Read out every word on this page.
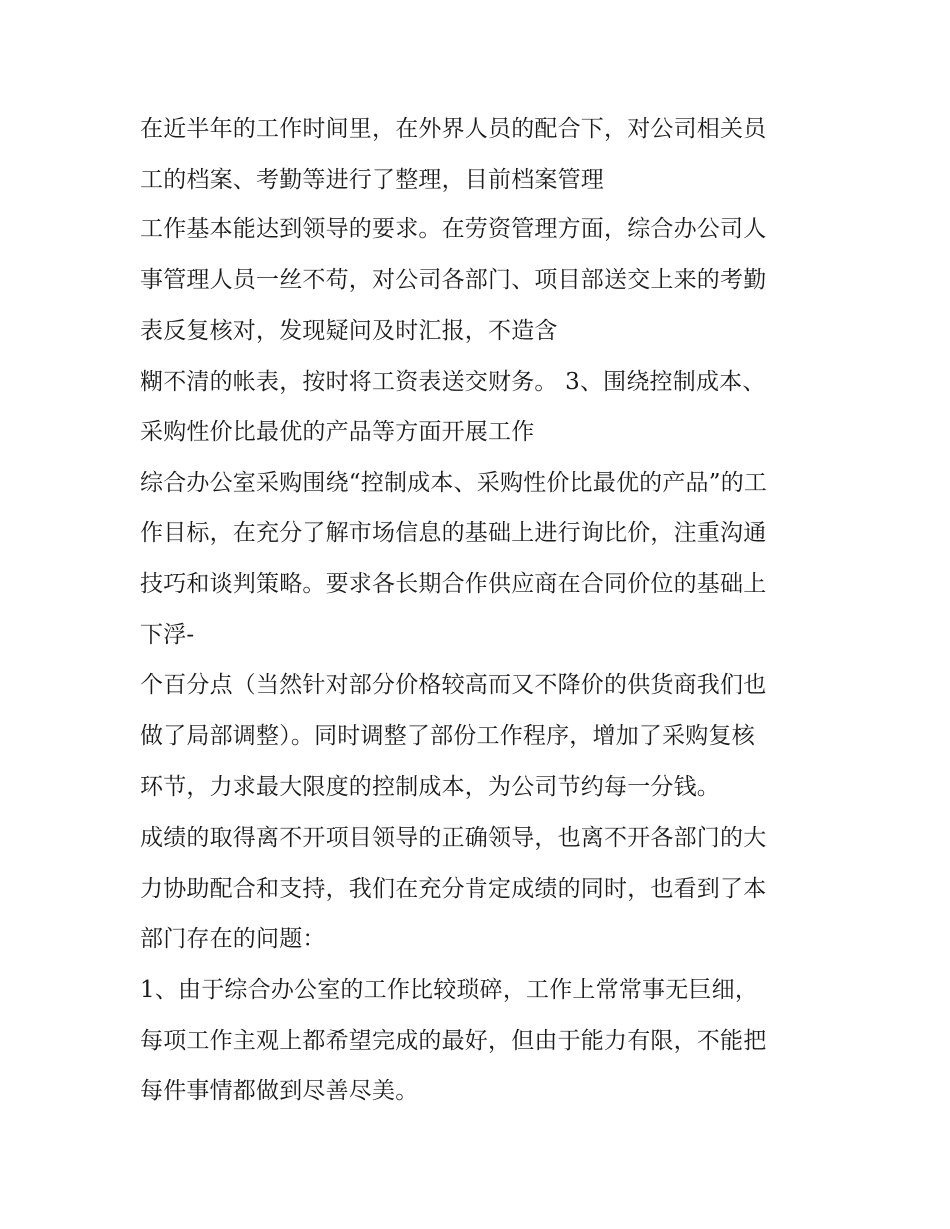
在近半年的工作时间里，在外界人员的配合下，对公司相关员
工的档案、考勤等进行了整理，目前档案管理
工作基本能达到领导的要求。在劳资管理方面，综合办公司人
事管理人员一丝不苟，对公司各部门、项目部送交上来的考勤
表反复核对，发现疑问及时汇报，不造含
糊不清的帐表，按时将工资表送交财务。 3、围绕控制成本、
采购性价比最优的产品等方面开展工作
综合办公室采购围绕“控制成本、采购性价比最优的产品”的工
作目标，在充分了解市场信息的基础上进行询比价，注重沟通
技巧和谈判策略。要求各长期合作供应商在合同价位的基础上
下浮-
个百分点（当然针对部分价格较高而又不降价的供货商我们也
做了局部调整）。同时调整了部份工作程序，增加了采购复核
环节，力求最大限度的控制成本，为公司节约每一分钱。
成绩的取得离不开项目领导的正确领导，也离不开各部门的大
力协助配合和支持，我们在充分肯定成绩的同时，也看到了本
部门存在的问题：
1、由于综合办公室的工作比较琐碎，工作上常常事无巨细，
每项工作主观上都希望完成的最好，但由于能力有限，不能把
每件事情都做到尽善尽美。
